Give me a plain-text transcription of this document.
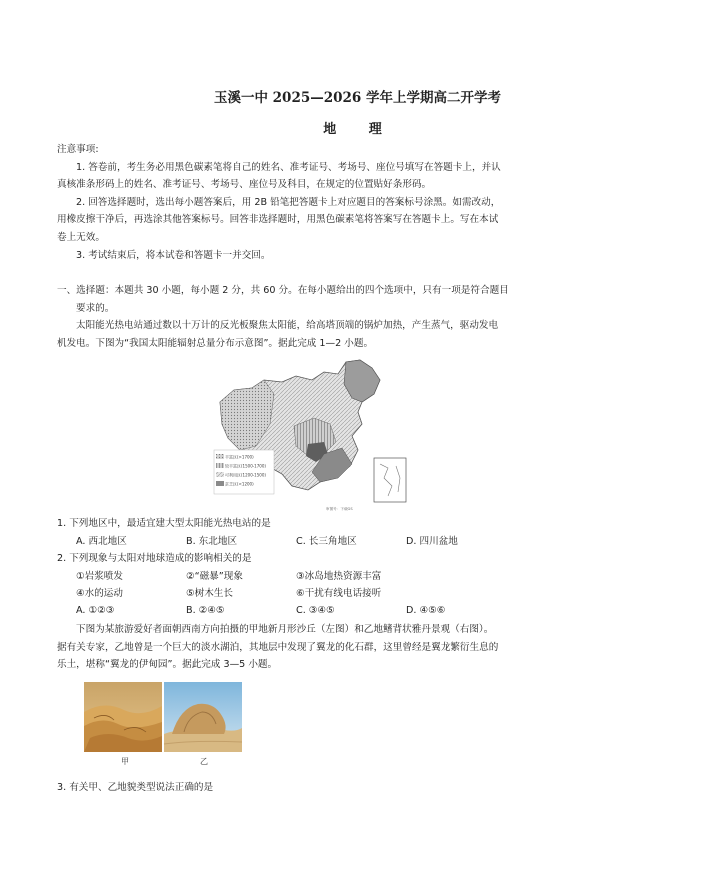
玉溪一中 2025—2026 学年上学期高二开学考
地 理
注意事项:
1. 答卷前，考生务必用黑色碳素笔将自己的姓名、准考证号、考场号、座位号填写在答题卡上，并认
真核准条形码上的姓名、准考证号、考场号、座位号及科目，在规定的位置贴好条形码。
2. 回答选择题时，选出每小题答案后，用 2B 铅笔把答题卡上对应题目的答案标号涂黑。如需改动，
用橡皮擦干净后，再选涂其他答案标号。回答非选择题时，用黑色碳素笔将答案写在答题卡上。写在本试
卷上无效。
3. 考试结束后，将本试卷和答题卡一并交回。
一、选择题：本题共 30 小题，每小题 2 分，共 60 分。在每小题给出的四个选项中，只有一项是符合题目
要求的。
太阳能光热电站通过数以十万计的反光板聚焦太阳能，给高塔顶端的锅炉加热，产生蒸气，驱动发电
机发电。下图为“我国太阳能辐射总量分布示意图”。据此完成 1—2 小题。
丰富区(>1700)
较丰富区(1500-1700)
可利用区(1200-1500)
贫乏区(<1200)
审图号：下载GS
1. 下列地区中，最适宜建大型太阳能光热电站的是
A. 西北地区	B. 东北地区	C. 长三角地区	D. 四川盆地
2. 下列现象与太阳对地球造成的影响相关的是
①岩浆喷发	②“磁暴”现象	③冰岛地热资源丰富
④水的运动	⑤树木生长	⑥干扰有线电话接听
A. ①②③	B. ②④⑤	C. ③④⑤	D. ④⑤⑥
下图为某旅游爱好者面朝西南方向拍摄的甲地新月形沙丘（左图）和乙地鳍背状雅丹景观（右图）。
据有关专家，乙地曾是一个巨大的淡水湖泊，其地层中发现了翼龙的化石群，这里曾经是翼龙繁衍生息的
乐土，堪称“翼龙的伊甸园”。据此完成 3—5 小题。
甲	乙
3. 有关甲、乙地貌类型说法正确的是
